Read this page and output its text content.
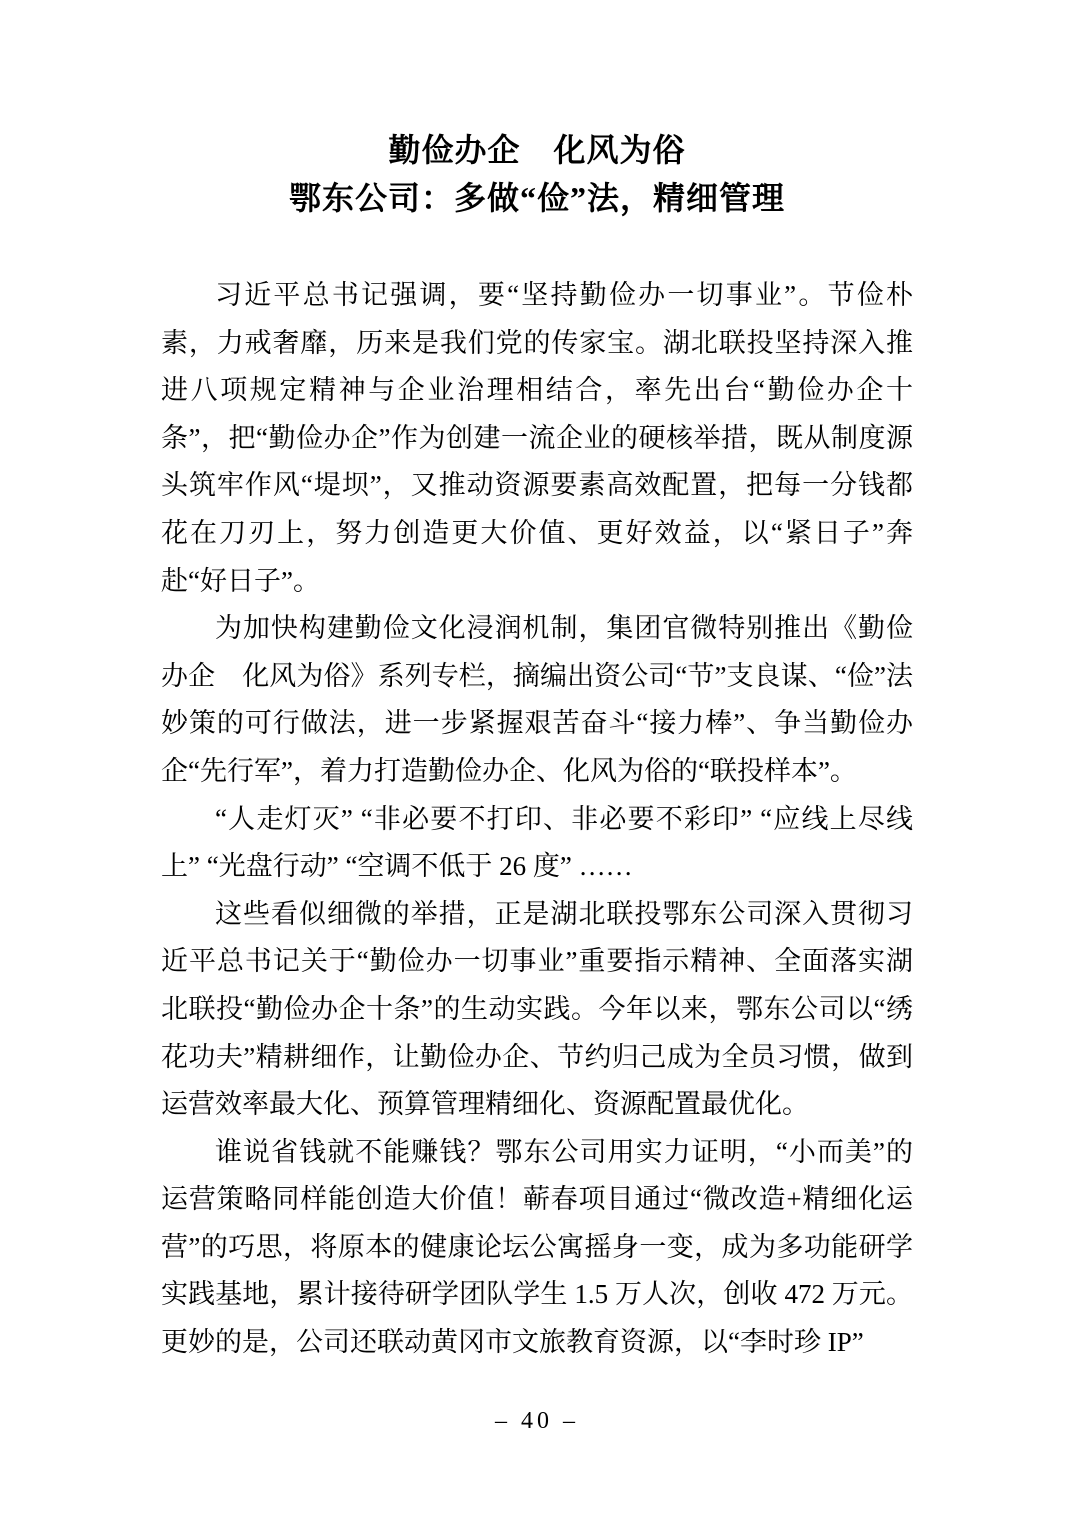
勤俭办企　化风为俗
鄂东公司：多做“俭”法，精细管理

习近平总书记强调，要“坚持勤俭办一切事业”。节俭朴素，力戒奢靡，历来是我们党的传家宝。湖北联投坚持深入推进八项规定精神与企业治理相结合，率先出台“勤俭办企十条”，把“勤俭办企”作为创建一流企业的硬核举措，既从制度源头筑牢作风“堤坝”，又推动资源要素高效配置，把每一分钱都花在刀刃上，努力创造更大价值、更好效益，以“紧日子”奔赴“好日子”。

为加快构建勤俭文化浸润机制，集团官微特别推出《勤俭办企　化风为俗》系列专栏，摘编出资公司“节”支良谋、“俭”法妙策的可行做法，进一步紧握艰苦奋斗“接力棒”、争当勤俭办企“先行军”，着力打造勤俭办企、化风为俗的“联投样本”。

“人走灯灭” “非必要不打印、非必要不彩印” “应线上尽线上” “光盘行动” “空调不低于 26 度” ……

这些看似细微的举措，正是湖北联投鄂东公司深入贯彻习近平总书记关于“勤俭办一切事业”重要指示精神、全面落实湖北联投“勤俭办企十条”的生动实践。今年以来，鄂东公司以“绣花功夫”精耕细作，让勤俭办企、节约归己成为全员习惯，做到运营效率最大化、预算管理精细化、资源配置最优化。

谁说省钱就不能赚钱？鄂东公司用实力证明，“小而美”的运营策略同样能创造大价值！蕲春项目通过“微改造+精细化运营”的巧思，将原本的健康论坛公寓摇身一变，成为多功能研学实践基地，累计接待研学团队学生 1.5 万人次，创收 472 万元。更妙的是，公司还联动黄冈市文旅教育资源，以“李时珍 IP”

– 40 –
